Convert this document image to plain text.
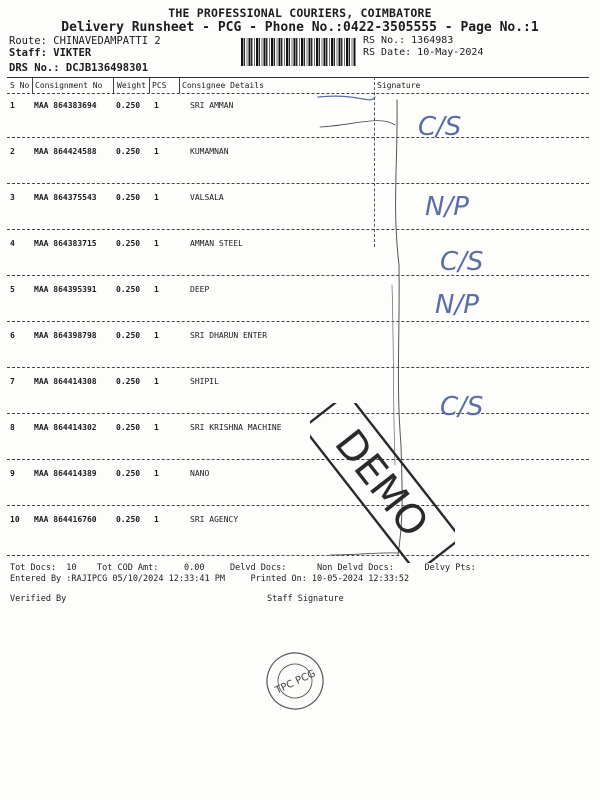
THE PROFESSIONAL COURIERS, COIMBATORE
Delivery Runsheet - PCG - Phone No.:0422-3505555 - Page No.:1
Route: CHINAVEDAMPATTI 2
Staff: VIKTER
DRS No.: DCJB136498301
RS No.: 1364983
RS Date: 10-May-2024
S No Consignment No Weight PCS Consignee Details	Signature
1 MAA 864383694 0.250 1	SRI AMMAN
2 MAA 864424588 0.250 1	KUMAMNAN
3 MAA 864375543 0.250 1	VALSALA
4 MAA 864383715 0.250 1	AMMAN STEEL
5 MAA 864395391 0.250 1	DEEP
6 MAA 864398798 0.250 1	SRI DHARUN ENTER
7 MAA 864414308 0.250 1	SHIPIL
8 MAA 864414302 0.250 1	SRI KRISHNA MACHINE
9 MAA 864414389 0.250 1	NANO
10 MAA 864416760 0.250 1	SRI AGENCY
C/S
N/P
C/S
N/P
C/S
DEMO
Tot Docs:  10    Tot COD Amt:     0.00     Delvd Docs:      Non Delvd Docs:      Delvy Pts:
Entered By :RAJIPCG 05/10/2024 12:33:41 PM     Printed On: 10-05-2024 12:33:52
Verified By	Staff Signature
TPC PCG
